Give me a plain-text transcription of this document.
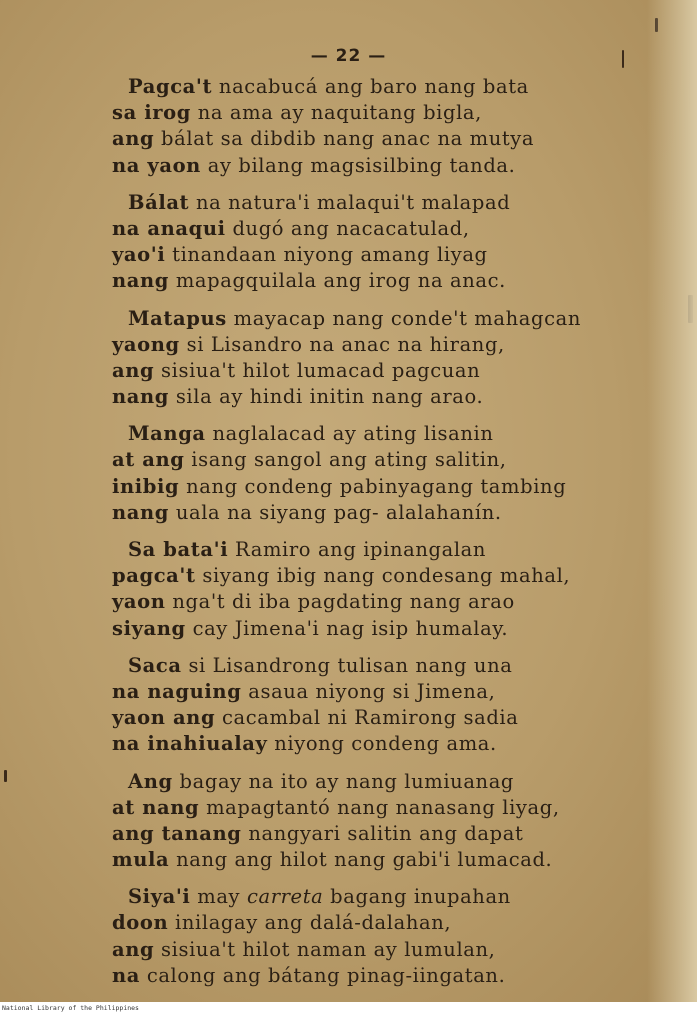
— 22 —
Pagca't nacabucá ang baro nang bata
sa irog na ama ay naquitang bigla,
ang bálat sa dibdib nang anac na mutya
na yaon ay bilang magsisilbing tanda.
Bálat na natura'i malaqui't malapad
na anaqui dugó ang nacacatulad,
yao'i tinandaan niyong amang liyag
nang mapagquilala ang irog na anac.
Matapus mayacap nang conde't mahagcan
yaong si Lisandro na anac na hirang,
ang sisiua't hilot lumacad pagcuan
nang sila ay hindi initin nang arao.
Manga naglalacad ay ating lisanin
at ang isang sangol ang ating salitin,
inibig nang condeng pabinyagang tambing
nang uala na siyang pag- alalahanín.
Sa bata'i Ramiro ang ipinangalan
pagca't siyang ibig nang condesang mahal,
yaon nga't di iba pagdating nang arao
siyang cay Jimena'i nag isip humalay.
Saca si Lisandrong tulisan nang una
na naguing asaua niyong si Jimena,
yaon ang cacambal ni Ramirong sadia
na inahiualay niyong condeng ama.
Ang bagay na ito ay nang lumiuanag
at nang mapagtantó nang nanasang liyag,
ang tanang nangyari salitin ang dapat
mula nang ang hilot nang gabi'i lumacad.
Siya'i may carreta bagang inupahan
doon inilagay ang dalá-dalahan,
ang sisiua't hilot naman ay lumulan,
na calong ang bátang pinag-iingatan.
National Library of the Philippines
